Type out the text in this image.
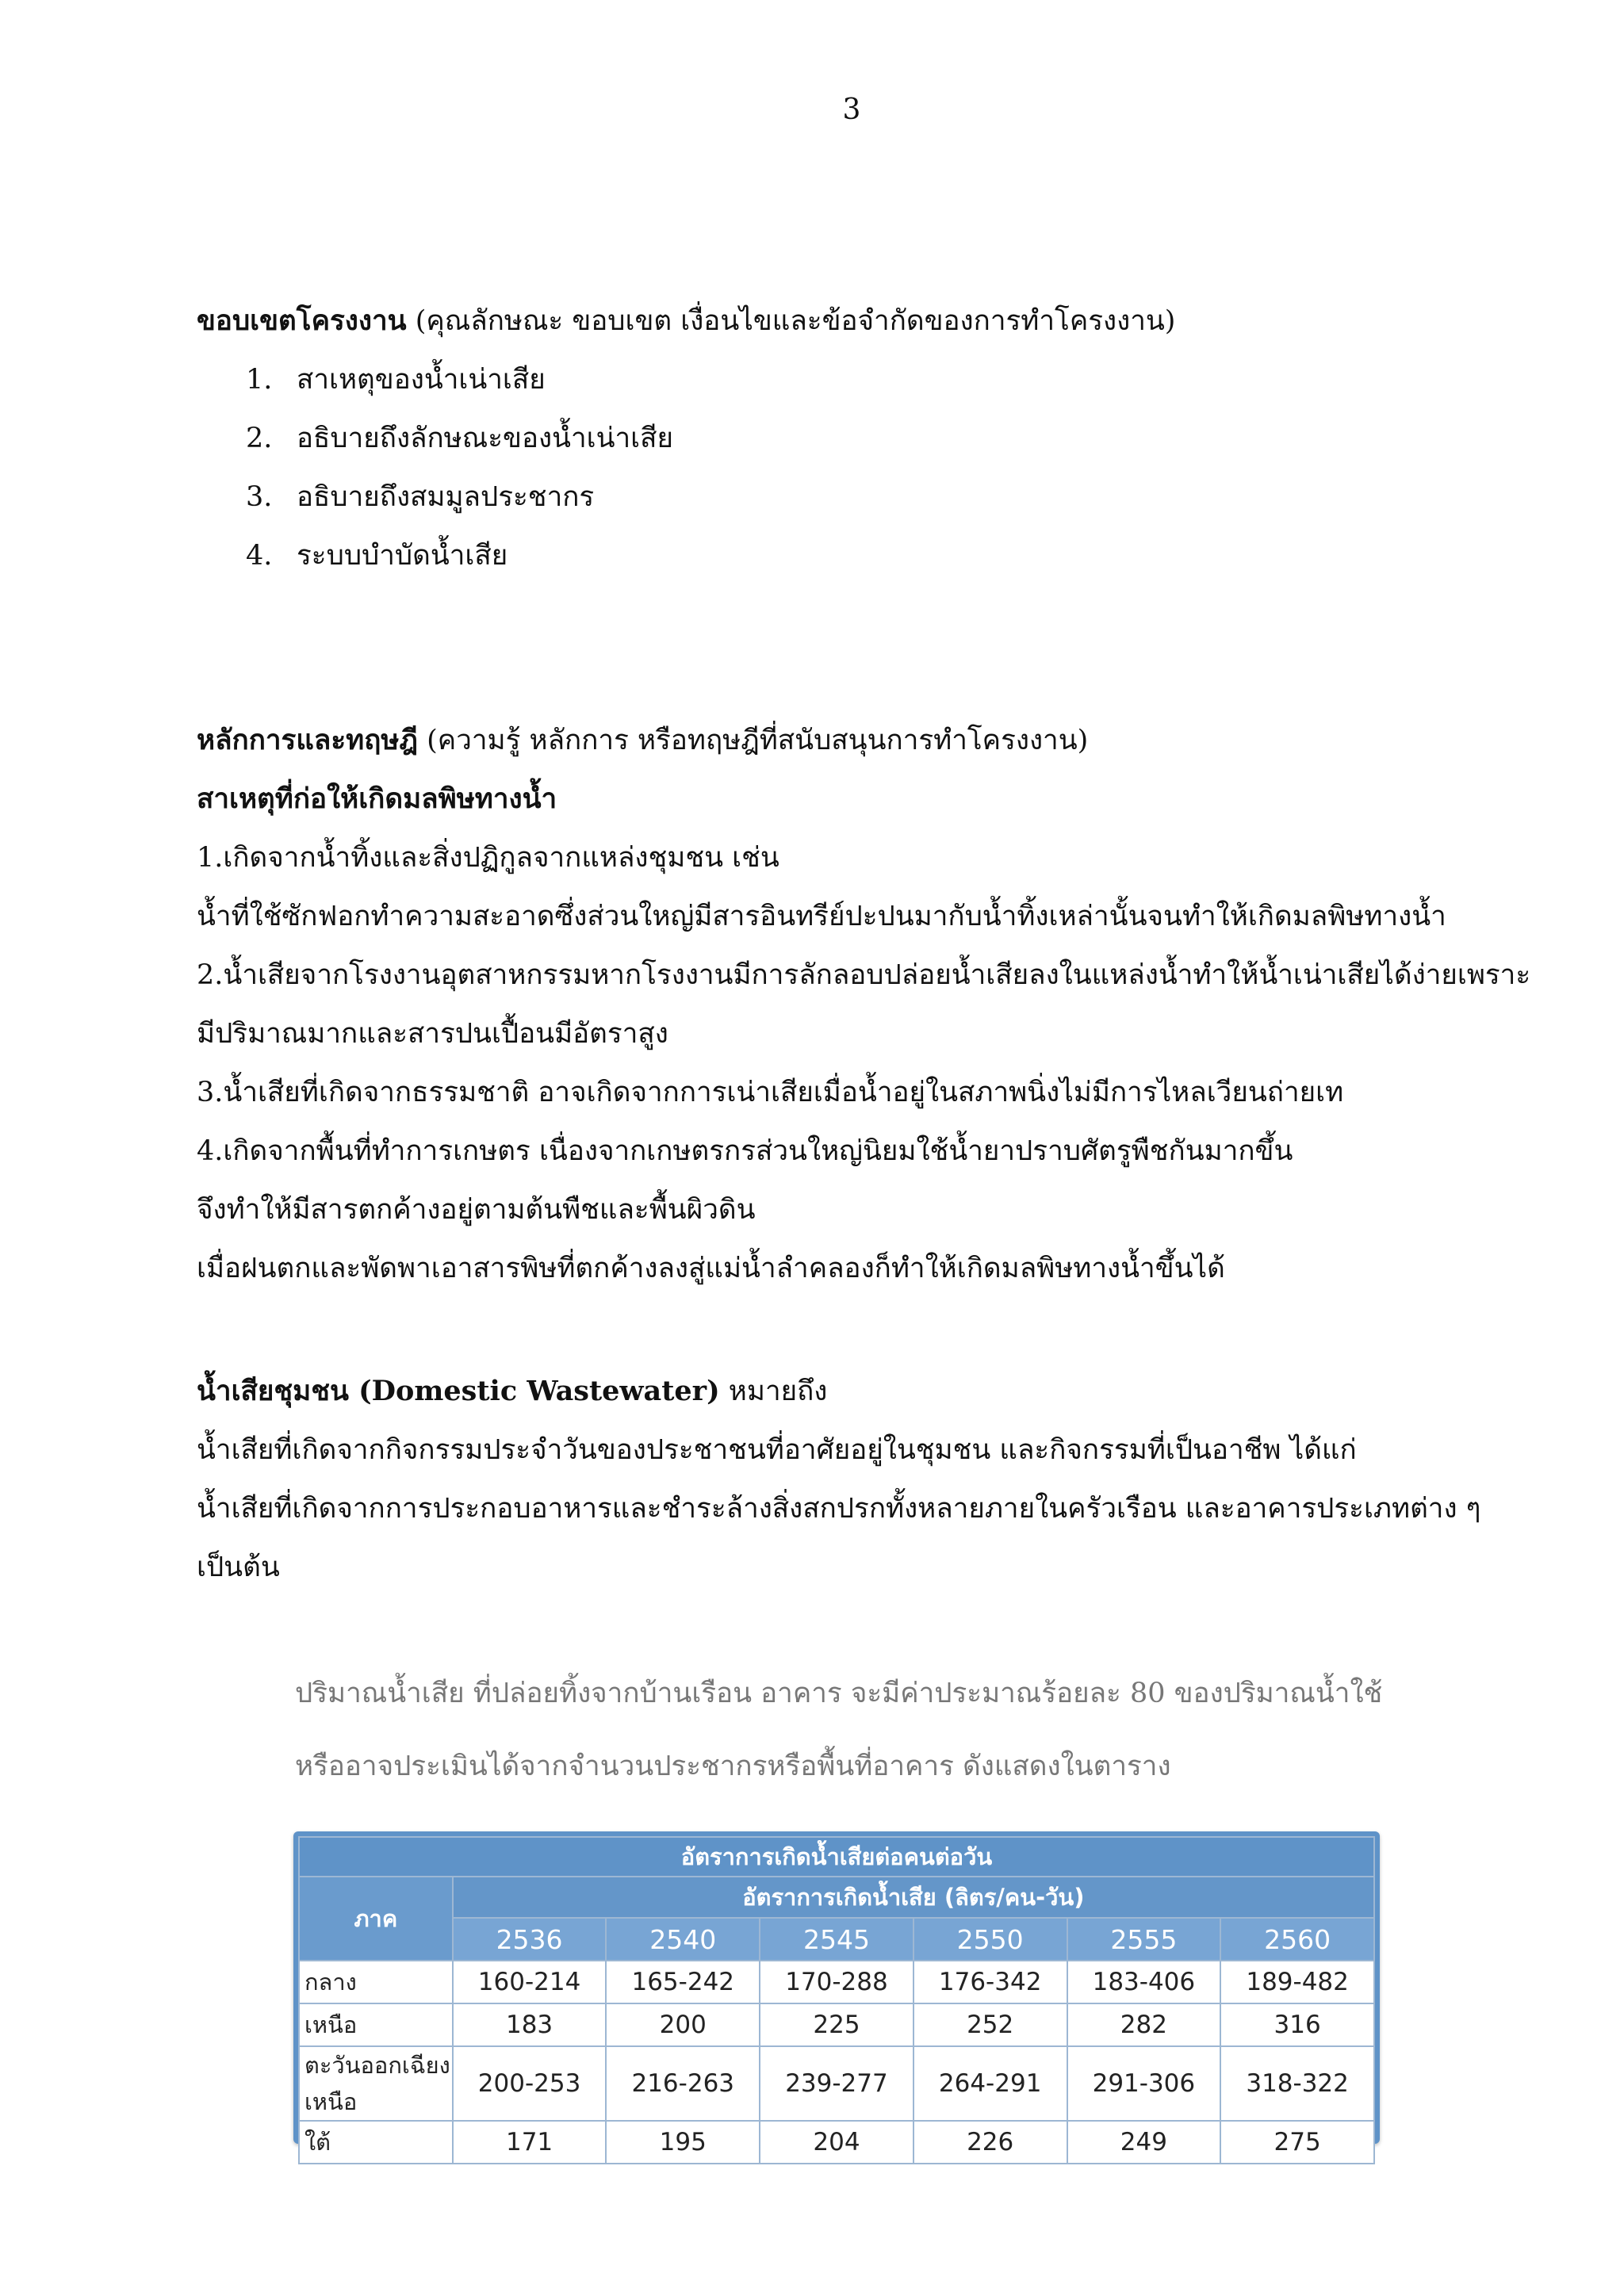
3
ขอบเขตโครงงาน (คุณลักษณะ ขอบเขต เงื่อนไขและข้อจำกัดของการทำโครงงาน)
1. สาเหตุของน้ำเน่าเสีย
2. อธิบายถึงลักษณะของน้ำเน่าเสีย
3. อธิบายถึงสมมูลประชากร
4. ระบบบำบัดน้ำเสีย
หลักการและทฤษฎี (ความรู้ หลักการ หรือทฤษฎีที่สนับสนุนการทำโครงงาน)
สาเหตุที่ก่อให้เกิดมลพิษทางน้ำ
1.เกิดจากน้ำทิ้งและสิ่งปฏิกูลจากแหล่งชุมชน เช่น
น้ำที่ใช้ซักฟอกทำความสะอาดซึ่งส่วนใหญ่มีสารอินทรีย์ปะปนมากับน้ำทิ้งเหล่านั้นจนทำให้เกิดมลพิษทางน้ำ
2.น้ำเสียจากโรงงานอุตสาหกรรมหากโรงงานมีการลักลอบปล่อยน้ำเสียลงในแหล่งน้ำทำให้น้ำเน่าเสียได้ง่ายเพราะ
มีปริมาณมากและสารปนเปื้อนมีอัตราสูง
3.น้ำเสียที่เกิดจากธรรมชาติ อาจเกิดจากการเน่าเสียเมื่อน้ำอยู่ในสภาพนิ่งไม่มีการไหลเวียนถ่ายเท
4.เกิดจากพื้นที่ทำการเกษตร เนื่องจากเกษตรกรส่วนใหญ่นิยมใช้น้ำยาปราบศัตรูพืชกันมากขึ้น
จึงทำให้มีสารตกค้างอยู่ตามต้นพืชและพื้นผิวดิน
เมื่อฝนตกและพัดพาเอาสารพิษที่ตกค้างลงสู่แม่น้ำลำคลองก็ทำให้เกิดมลพิษทางน้ำขึ้นได้
น้ำเสียชุมชน (Domestic Wastewater) หมายถึง
น้ำเสียที่เกิดจากกิจกรรมประจำวันของประชาชนที่อาศัยอยู่ในชุมชน และกิจกรรมที่เป็นอาชีพ ได้แก่
น้ำเสียที่เกิดจากการประกอบอาหารและชำระล้างสิ่งสกปรกทั้งหลายภายในครัวเรือน และอาคารประเภทต่าง ๆ
เป็นต้น
ปริมาณน้ำเสีย ที่ปล่อยทิ้งจากบ้านเรือน อาคาร จะมีค่าประมาณร้อยละ 80 ของปริมาณน้ำใช้
หรืออาจประเมินได้จากจำนวนประชากรหรือพื้นที่อาคาร ดังแสดงในตาราง
อัตราการเกิดน้ำเสียต่อคนต่อวัน						
ภาค	อัตราการเกิดน้ำเสีย (ลิตร/คน-วัน)					
	2536	2540	2545	2550	2555	2560
กลาง	160-214	165-242	170-288	176-342	183-406	189-482
เหนือ	183	200	225	252	282	316
ตะวันออกเฉียงเหนือ	200-253	216-263	239-277	264-291	291-306	318-322
ใต้	171	195	204	226	249	275
